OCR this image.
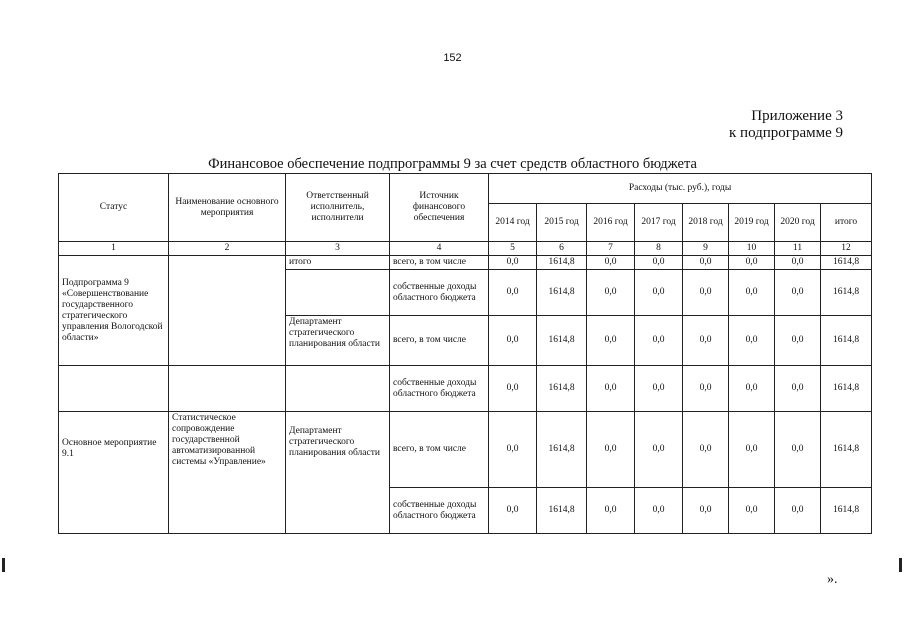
152
Приложение 3
к подпрограмме 9
Финансовое обеспечение подпрограммы 9 за счет средств областного бюджета
Статус	Наименование основного мероприятия	Ответственный исполнитель, исполнители	Источник финансового обеспечения	Расходы (тыс. руб.), годы							
				2014 год	2015 год	2016 год	2017 год	2018 год	2019 год	2020 год	итого
1	2	3	4	5	6	7	8	9	10	11	12
Подпрограмма 9 «Совершенствование государственного стратегического управления Вологодской области»		итого	всего, в том числе	0,0	1614,8	0,0	0,0	0,0	0,0	0,0	1614,8
			собственные доходы областного бюджета	0,0	1614,8	0,0	0,0	0,0	0,0	0,0	1614,8
		Департамент стратегического планирования области	всего, в том числе	0,0	1614,8	0,0	0,0	0,0	0,0	0,0	1614,8
			собственные доходы областного бюджета	0,0	1614,8	0,0	0,0	0,0	0,0	0,0	1614,8
Основное мероприятие 9.1	Статистическое сопровождение государственной автоматизированной системы «Управление»	Департамент стратегического планирования области	всего, в том числе	0,0	1614,8	0,0	0,0	0,0	0,0	0,0	1614,8
			собственные доходы областного бюджета	0,0	1614,8	0,0	0,0	0,0	0,0	0,0	1614,8
».
